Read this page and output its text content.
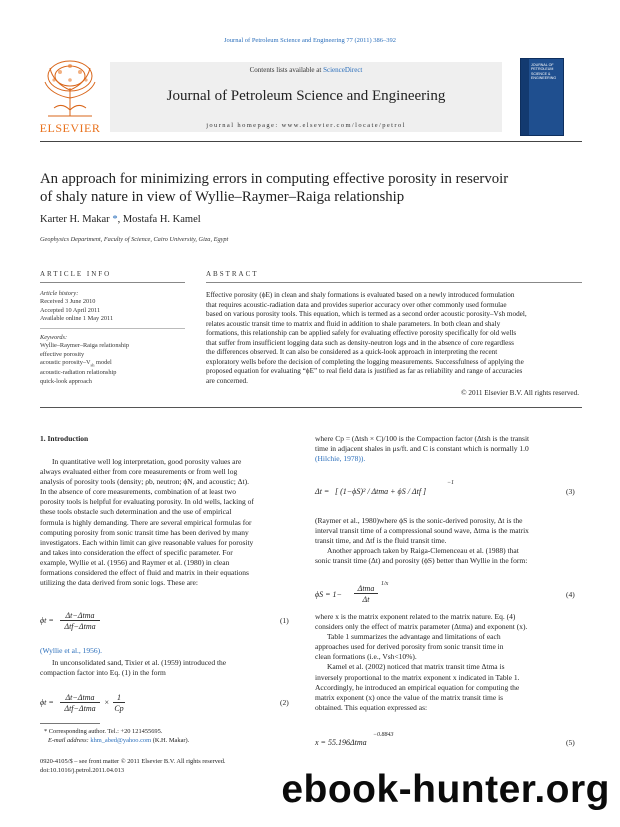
Journal of Petroleum Science and Engineering 77 (2011) 386–392
Contents lists available at ScienceDirect
Journal of Petroleum Science and Engineering
journal homepage: www.elsevier.com/locate/petrol
ELSEVIER
JOURNAL OF PETROLEUM SCIENCE & ENGINEERING
An approach for minimizing errors in computing effective porosity in reservoir
of shaly nature in view of Wyllie–Raymer–Raiga relationship
Karter H. Makar *, Mostafa H. Kamel
Geophysics Department, Faculty of Science, Cairo University, Giza, Egypt
ARTICLE INFO
Article history:
Received 3 June 2010
Accepted 10 April 2011
Available online 1 May 2011
Keywords:
Wyllie–Raymer–Raiga relationship
effective porosity
acoustic porosity–$V_{sh}$ model
acoustic-radiation relationship
quick-look approach
ABSTRACT
Effective porosity (ϕE) in clean and shaly formations is evaluated based on a newly introduced formulation
that requires acoustic-radiation data and provides superior accuracy over other commonly used formulae
based on various porosity tools. This equation, which is termed as a second order acoustic porosity–Vsh model,
relates acoustic transit time to matrix and fluid in addition to shale parameters. In both clean and shaly
formations, this relationship can be applied safely for evaluating effective porosity specifically for old wells
that suffer from insufficient logging data such as density-neutron logs and in the absence of core regardless
the differences observed. It can also be considered as a quick-look approach in interpreting the recent
exploratory wells before the decision of completing the logging measurements. Successfulness of applying the
proposed equation for evaluating “ϕE” to real field data is justified as far as reliability and range of accuracies
are concerned.
© 2011 Elsevier B.V. All rights reserved.
1. Introduction
In quantitative well log interpretation, good porosity values are
always evaluated either from core measurements or from well log
analysis of porosity tools (density; ρb, neutron; ϕN, and acoustic; Δt).
In the absence of core measurements, combination of at least two
porosity tools is helpful for evaluating porosity. In old wells, lacking of
these tools obstacle such determination and the use of empirical
formula is highly demanding. There are several empirical formulas for
computing porosity from sonic transit time has been derived by many
investigators. Each within limit can give reasonable values for porosity
and takes into consideration the effect of specific parameter. For
example, Wyllie et al. (1956) and Raymer et al. (1980) in clean
formations considered the effect of fluid and matrix in their equations
utilizing the data derived from sonic logs. These are:
ϕt =
Δt−Δtma
Δtf−Δtma
(1)
(Wyllie et al., 1956).
In unconsolidated sand, Tixier et al. (1959) introduced the
compaction factor into Eq. (1) in the form
ϕt =
Δt−Δtma
Δtf−Δtma
×
1
Cp
(2)
* Corresponding author. Tel.: +20 121455695.
E-mail address: khm_abed@yahoo.com (K.H. Makar).
0920-4105/$ – see front matter © 2011 Elsevier B.V. All rights reserved.
doi:10.1016/j.petrol.2011.04.013
where Cp = (Δtsh × C)/100 is the Compaction factor (Δtsh is the transit
time in adjacent shales in μs/ft. and C is constant which is normally 1.0
(Hilchie, 1978)).
Δt = [ (1−ϕS)² / Δtma + ϕS / Δtf ]
−1
(3)
(Raymer et al., 1980)where ϕS is the sonic-derived porosity, Δt is the
interval transit time of a compressional sound wave, Δtma is the matrix
transit time, and Δtf is the fluid transit time.
Another approach taken by Raiga-Clemenceau et al. (1988) that
sonic transit time (Δt) and porosity (ϕS) better than Wyllie in the form:
ϕS = 1−
Δtma
Δt
1/x
(4)
where x is the matrix exponent related to the matrix nature. Eq. (4)
considers only the effect of matrix parameter (Δtma) and exponent (x).
Table 1 summarizes the advantage and limitations of each
approaches used for derived porosity from sonic transit time in
clean formations (i.e., Vsh<10%).
Kamel et al. (2002) noticed that matrix transit time Δtma is
inversely proportional to the matrix exponent x indicated in Table 1.
Accordingly, he introduced an empirical equation for computing the
matrix exponent (x) once the value of the matrix transit time is
obtained. This equation expressed as:
x = 55.196Δtma
−0.8843
(5)
ebook-hunter.org
